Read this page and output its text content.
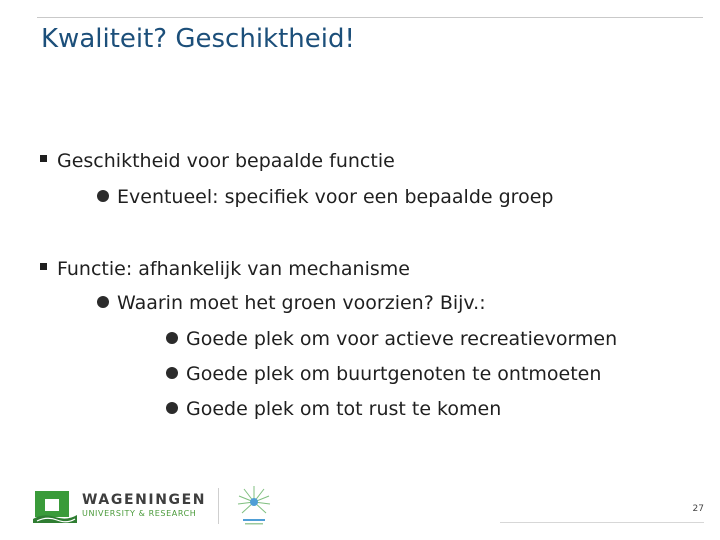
Kwaliteit? Geschiktheid!
Geschiktheid voor bepaalde functie
Eventueel: specifiek voor een bepaalde groep
Functie: afhankelijk van mechanisme
Waarin moet het groen voorzien? Bijv.:
Goede plek om voor actieve recreatievormen
Goede plek om buurtgenoten te ontmoeten
Goede plek om tot rust te komen
WAGENINGEN
UNIVERSITY & RESEARCH	27
